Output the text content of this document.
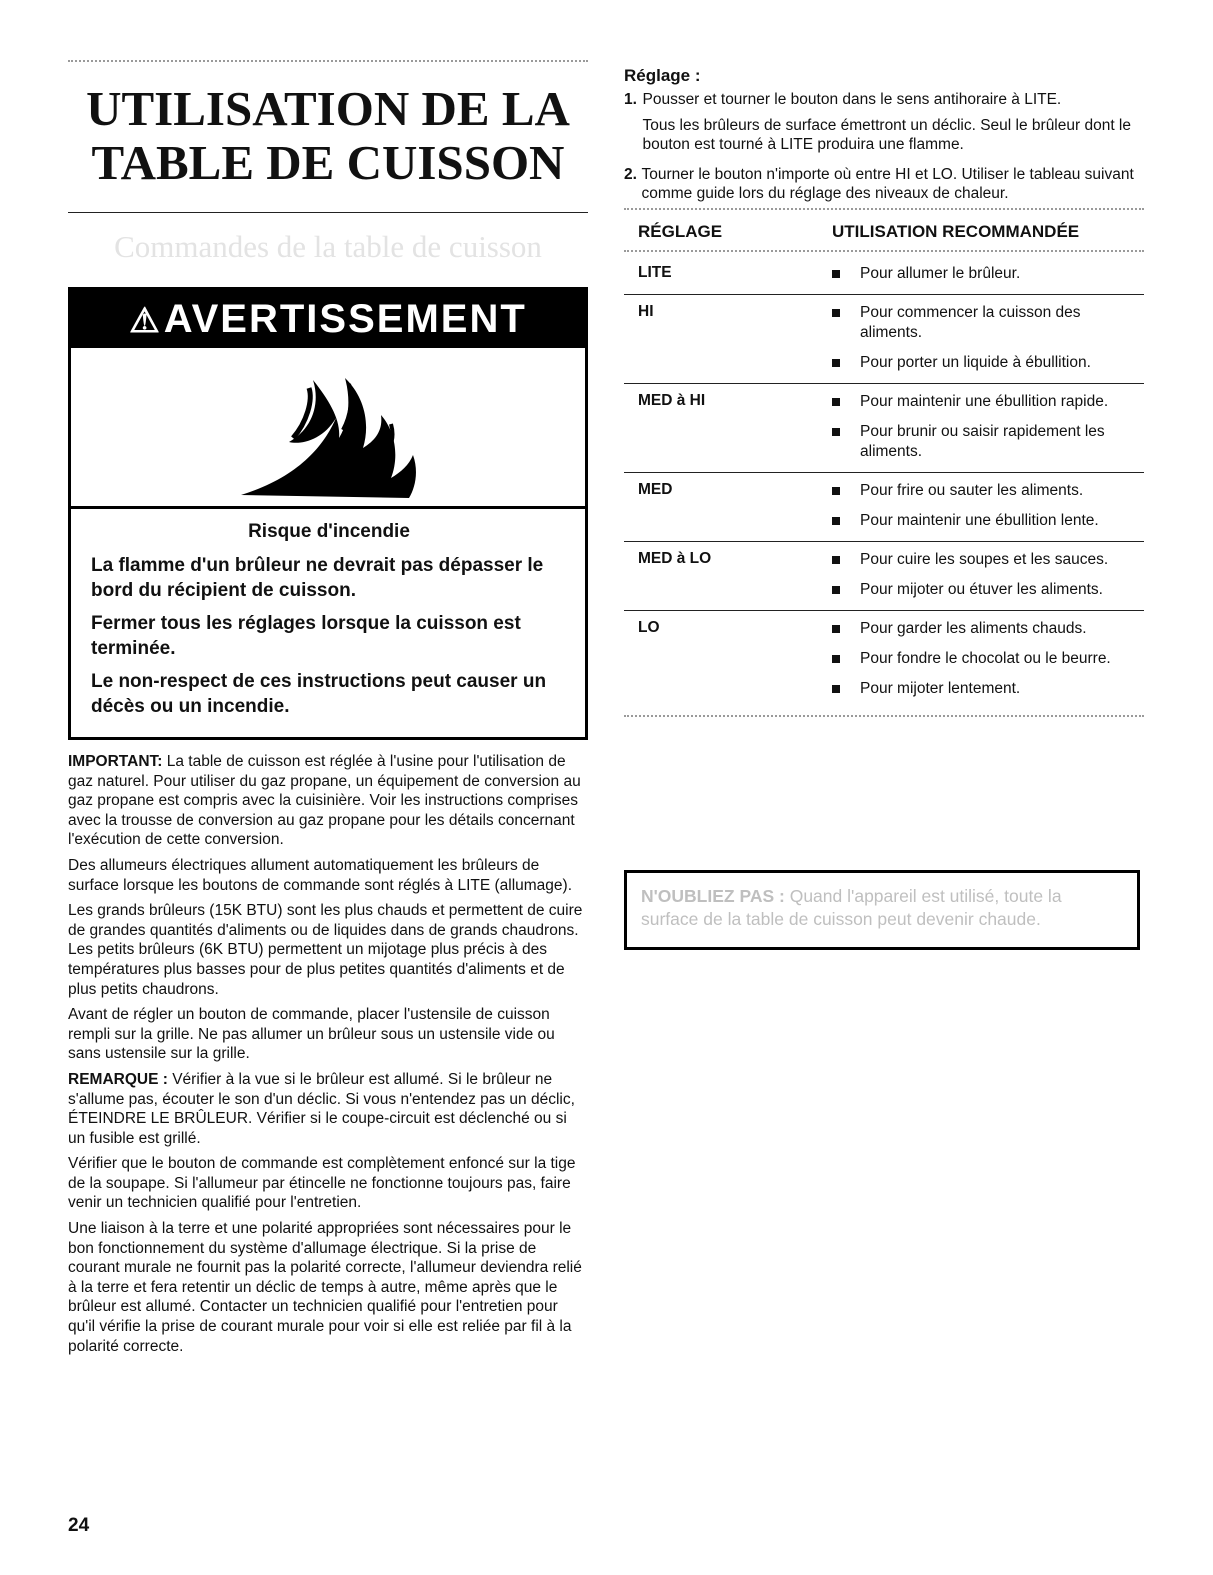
UTILISATION DE LA
TABLE DE CUISSON
Commandes de la table de cuisson
⚠AVERTISSEMENT
Risque d'incendie

La flamme d'un brûleur ne devrait pas dépasser le bord du récipient de cuisson.

Fermer tous les réglages lorsque la cuisson est terminée.

Le non-respect de ces instructions peut causer un décès ou un incendie.

IMPORTANT: La table de cuisson est réglée à l'usine pour l'utilisation de gaz naturel. Pour utiliser du gaz propane, un équipement de conversion au gaz propane est compris avec la cuisinière. Voir les instructions comprises avec la trousse de conversion au gaz propane pour les détails concernant l'exécution de cette conversion.

Des allumeurs électriques allument automatiquement les brûleurs de surface lorsque les boutons de commande sont réglés à LITE (allumage).

Les grands brûleurs (15K BTU) sont les plus chauds et permettent de cuire de grandes quantités d'aliments ou de liquides dans de grands chaudrons. Les petits brûleurs (6K BTU) permettent un mijotage plus précis à des températures plus basses pour de plus petites quantités d'aliments et de plus petits chaudrons.

Avant de régler un bouton de commande, placer l'ustensile de cuisson rempli sur la grille. Ne pas allumer un brûleur sous un ustensile vide ou sans ustensile sur la grille.

REMARQUE : Vérifier à la vue si le brûleur est allumé. Si le brûleur ne s'allume pas, écouter le son d'un déclic. Si vous n'entendez pas un déclic, ÉTEINDRE LE BRÛLEUR. Vérifier si le coupe-circuit est déclenché ou si un fusible est grillé.

Vérifier que le bouton de commande est complètement enfoncé sur la tige de la soupape. Si l'allumeur par étincelle ne fonctionne toujours pas, faire venir un technicien qualifié pour l'entretien.

Une liaison à la terre et une polarité appropriées sont nécessaires pour le bon fonctionnement du système d'allumage électrique. Si la prise de courant murale ne fournit pas la polarité correcte, l'allumeur deviendra relié à la terre et fera retentir un déclic de temps à autre, même après que le brûleur est allumé. Contacter un technicien qualifié pour l'entretien pour qu'il vérifie la prise de courant murale pour voir si elle est reliée par fil à la polarité correcte.

24
Réglage :
1. Pousser et tourner le bouton dans le sens antihoraire à LITE.

Tous les brûleurs de surface émettront un déclic. Seul le brûleur dont le bouton est tourné à LITE produira une flamme.

2. Tourner le bouton n'importe où entre HI et LO. Utiliser le tableau suivant comme guide lors du réglage des niveaux de chaleur.

RÉGLAGE	UTILISATION RECOMMANDÉE
LITE	Pour allumer le brûleur.
HI	Pour commencer la cuisson des aliments.
Pour porter un liquide à ébullition.
MED à HI	Pour maintenir une ébullition rapide.
Pour brunir ou saisir rapidement les aliments.
MED	Pour frire ou sauter les aliments.
Pour maintenir une ébullition lente.
MED à LO	Pour cuire les soupes et les sauces.
Pour mijoter ou étuver les aliments.
LO	Pour garder les aliments chauds.
Pour fondre le chocolat ou le beurre.
Pour mijoter lentement.
N'OUBLIEZ PAS : Quand l'appareil est utilisé, toute la surface de la table de cuisson peut devenir chaude.
